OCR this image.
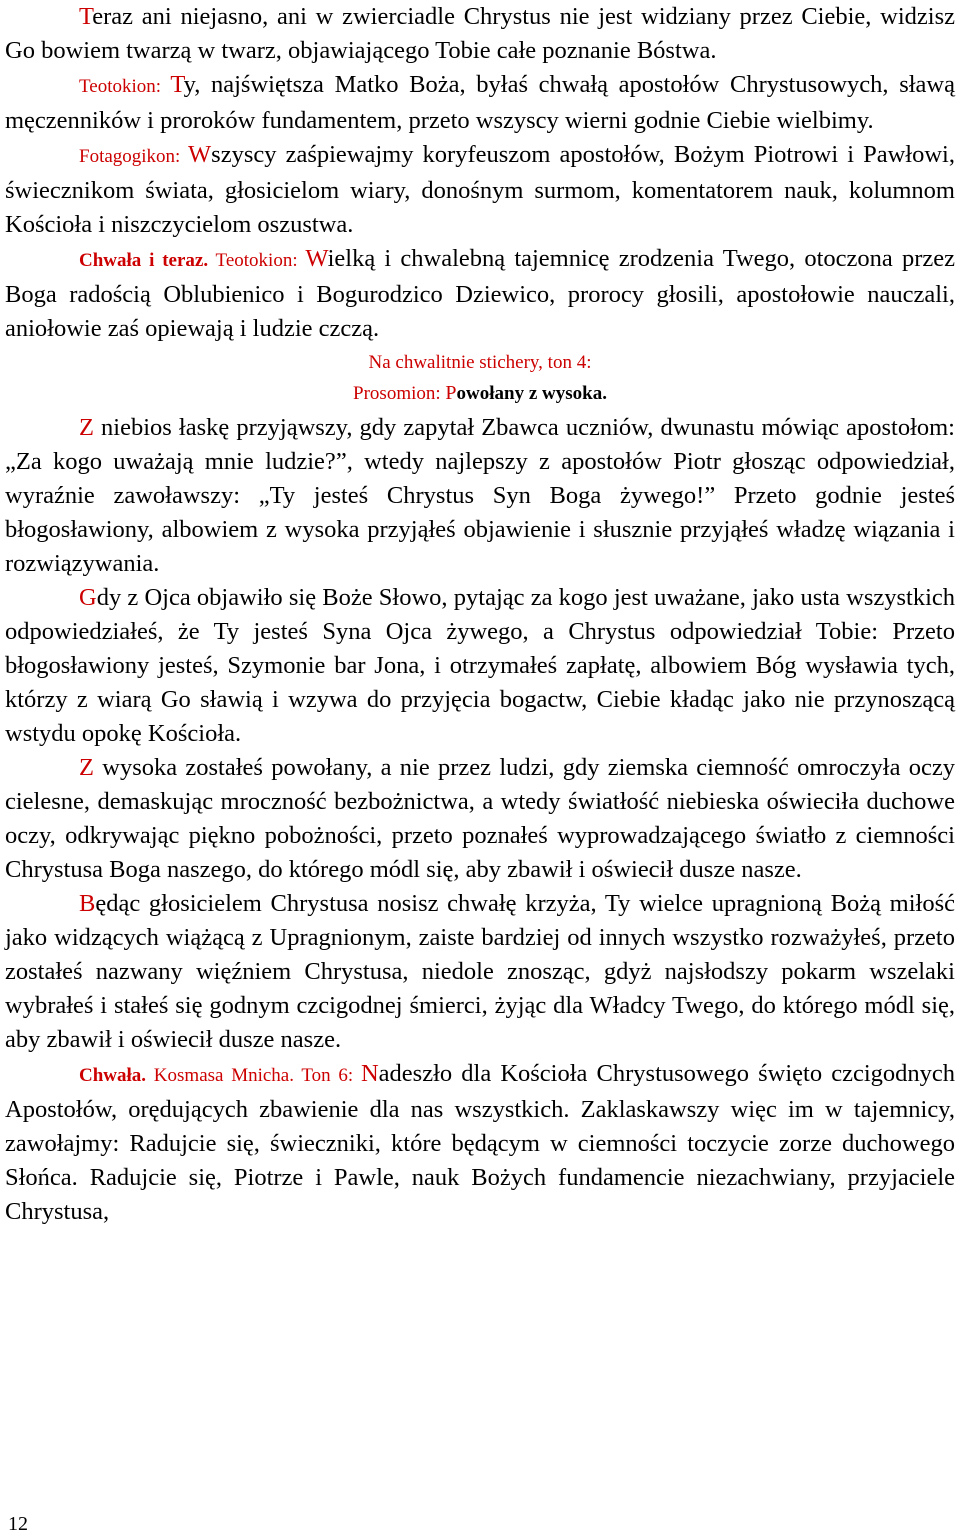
Teraz ani niejasno, ani w zwierciadle Chrystus nie jest widziany przez Ciebie, widzisz Go bowiem twarzą w twarz, objawiającego Tobie całe poznanie Bóstwa.

Teotokion: Ty, najświętsza Matko Boża, byłaś chwałą apostołów Chrystusowych, sławą męczenników i proroków fundamentem, przeto wszyscy wierni godnie Ciebie wielbimy.

Fotagogikon: Wszyscy zaśpiewajmy koryfeuszom apostołów, Bożym Piotrowi i Pawłowi, świecznikom świata, głosicielom wiary, donośnym surmom, komentatorem nauk, kolumnom Kościoła i niszczycielom oszustwa.

Chwała i teraz. Teotokion: Wielką i chwalebną tajemnicę zrodzenia Twego, otoczona przez Boga radością Oblubienico i Bogurodzico Dziewico, prorocy głosili, apostołowie nauczali, aniołowie zaś opiewają i ludzie czczą.

Na chwalitnie stichery, ton 4:
Prosomion: Powołany z wysoka.

Z niebios łaskę przyjąwszy, gdy zapytał Zbawca uczniów, dwunastu mówiąc apostołom: „Za kogo uważają mnie ludzie?”, wtedy najlepszy z apostołów Piotr głosząc odpowiedział, wyraźnie zawoławszy: „Ty jesteś Chrystus Syn Boga żywego!” Przeto godnie jesteś błogosławiony, albowiem z wysoka przyjąłeś objawienie i słusznie przyjąłeś władzę wiązania i rozwiązywania.

Gdy z Ojca objawiło się Boże Słowo, pytając za kogo jest uważane, jako usta wszystkich odpowiedziałeś, że Ty jesteś Syna Ojca żywego, a Chrystus odpowiedział Tobie: Przeto błogosławiony jesteś, Szymonie bar Jona, i otrzymałeś zapłatę, albowiem Bóg wysławia tych, którzy z wiarą Go sławią i wzywa do przyjęcia bogactw, Ciebie kładąc jako nie przynoszącą wstydu opokę Kościoła.

Z wysoka zostałeś powołany, a nie przez ludzi, gdy ziemska ciemność omroczyła oczy cielesne, demaskując mroczność bezbożnictwa, a wtedy światłość niebieska oświeciła duchowe oczy, odkrywając piękno pobożności, przeto poznałeś wyprowadzającego światło z ciemności Chrystusa Boga naszego, do którego módl się, aby zbawił i oświecił dusze nasze.

Będąc głosicielem Chrystusa nosisz chwałę krzyża, Ty wielce upragnioną Bożą miłość jako widzących wiążącą z Upragnionym, zaiste bardziej od innych wszystko rozważyłeś, przeto zostałeś nazwany więźniem Chrystusa, niedole znosząc, gdyż najsłodszy pokarm wszelaki wybrałeś i stałeś się godnym czcigodnej śmierci, żyjąc dla Władcy Twego, do którego módl się, aby zbawił i oświecił dusze nasze.

Chwała. Kosmasa Mnicha. Ton 6: Nadeszło dla Kościoła Chrystusowego święto czcigodnych Apostołów, orędujących zbawienie dla nas wszystkich. Zaklaskawszy więc im w tajemnicy, zawołajmy: Radujcie się, świeczniki, które będącym w ciemności toczycie zorze duchowego Słońca. Radujcie się, Piotrze i Pawle, nauk Bożych fundamencie niezachwiany, przyjaciele Chrystusa,

12
